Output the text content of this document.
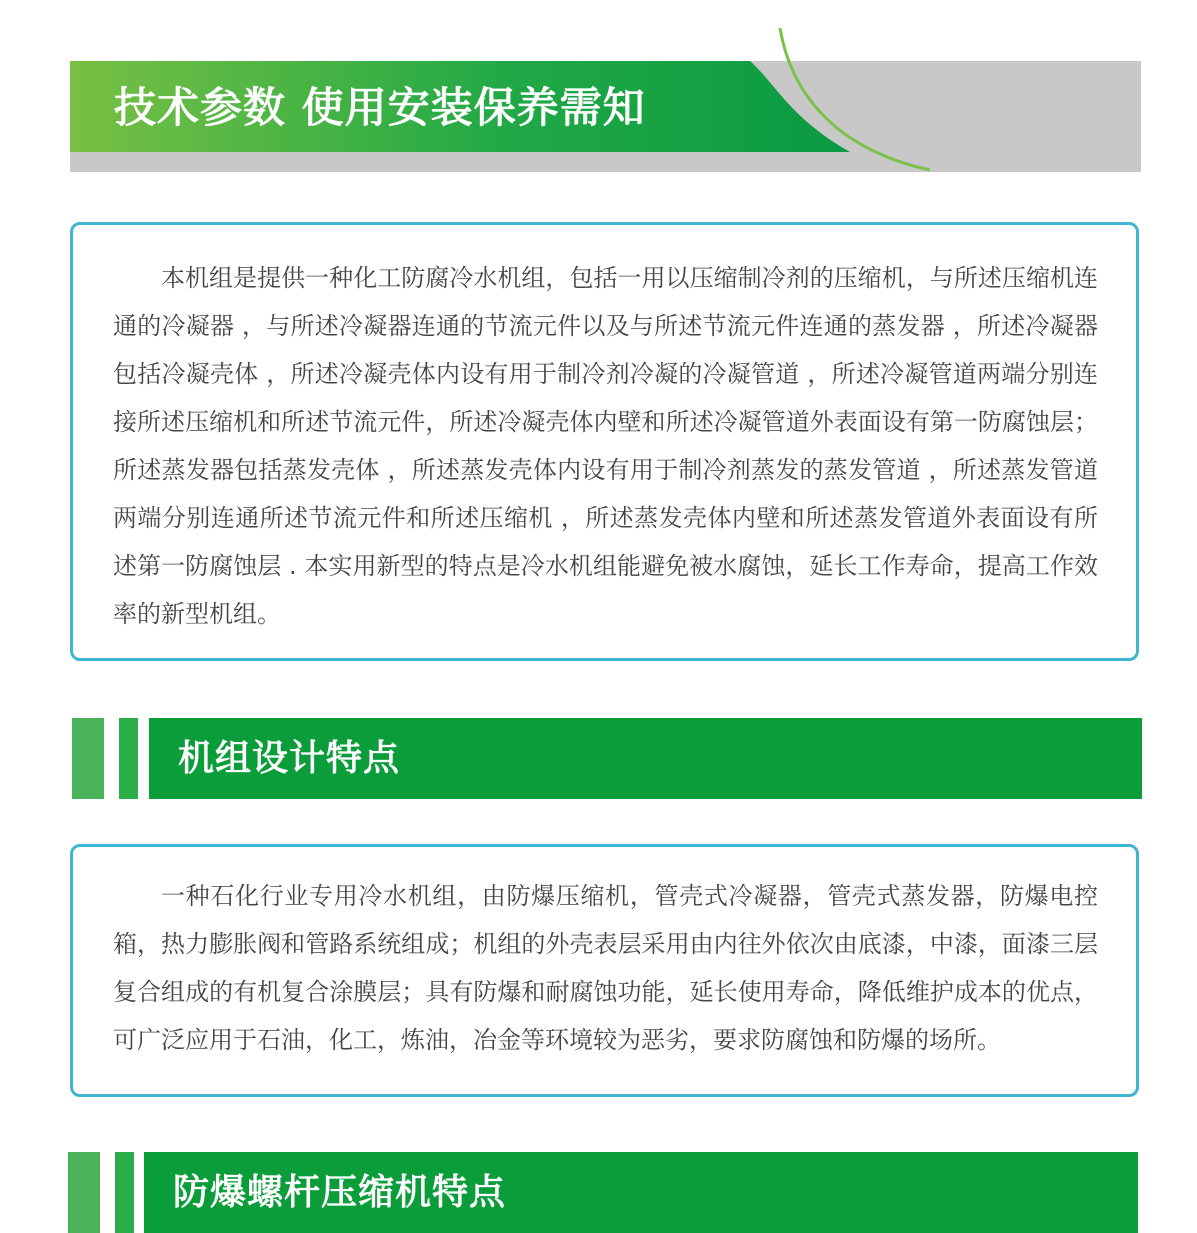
技术参数 使用安装保养需知

本机组是提供一种化工防腐冷水机组，包括一用以压缩制冷剂的压缩机，与所述压缩机连通的冷凝器 ，与所述冷凝器连通的节流元件以及与所述节流元件连通的蒸发器 ，所述冷凝器包括冷凝壳体 ，所述冷凝壳体内设有用于制冷剂冷凝的冷凝管道 ，所述冷凝管道两端分别连接所述压缩机和所述节流元件，所述冷凝壳体内壁和所述冷凝管道外表面设有第一防腐蚀层；所述蒸发器包括蒸发壳体 ，所述蒸发壳体内设有用于制冷剂蒸发的蒸发管道 ，所述蒸发管道两端分别连通所述节流元件和所述压缩机 ，所述蒸发壳体内壁和所述蒸发管道外表面设有所述第一防腐蚀层 . 本实用新型的特点是冷水机组能避免被水腐蚀，延长工作寿命，提高工作效率的新型机组。

机组设计特点

一种石化行业专用冷水机组，由防爆压缩机，管壳式冷凝器，管壳式蒸发器，防爆电控箱，热力膨胀阀和管路系统组成；机组的外壳表层采用由内往外依次由底漆，中漆，面漆三层复合组成的有机复合涂膜层；具有防爆和耐腐蚀功能，延长使用寿命，降低维护成本的优点，可广泛应用于石油，化工，炼油，冶金等环境较为恶劣，要求防腐蚀和防爆的场所。

防爆螺杆压缩机特点
